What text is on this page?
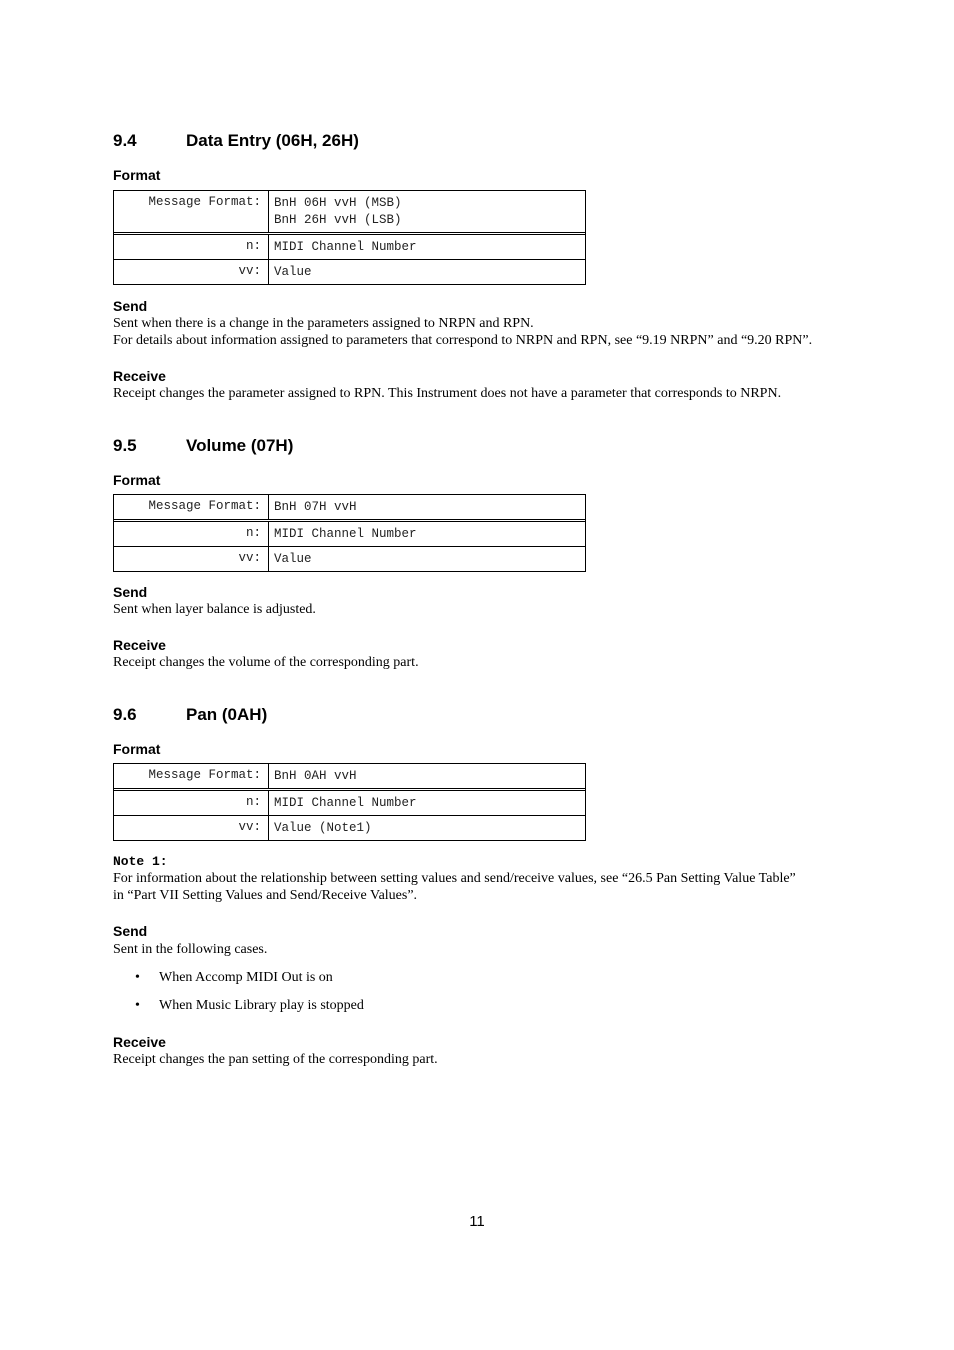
9.4	Data Entry (06H, 26H)
Format
Message Format:	BnH 06H vvH (MSB)
BnH 26H vvH (LSB)
n:	MIDI Channel Number
vv:	Value
Send
Sent when there is a change in the parameters assigned to NRPN and RPN.
For details about information assigned to parameters that correspond to NRPN and RPN, see “9.19 NRPN” and “9.20 RPN”.
Receive
Receipt changes the parameter assigned to RPN. This Instrument does not have a parameter that corresponds to NRPN.
9.5	Volume (07H)
Format
Message Format:	BnH 07H vvH
n:	MIDI Channel Number
vv:	Value
Send
Sent when layer balance is adjusted.
Receive
Receipt changes the volume of the corresponding part.
9.6	Pan (0AH)
Format
Message Format:	BnH 0AH vvH
n:	MIDI Channel Number
vv:	Value (Note1)
Note 1:
For information about the relationship between setting values and send/receive values, see “26.5 Pan Setting Value Table”
in “Part VII Setting Values and Send/Receive Values”.
Send
Sent in the following cases.
• When Accomp MIDI Out is on
• When Music Library play is stopped
Receive
Receipt changes the pan setting of the corresponding part.
11
